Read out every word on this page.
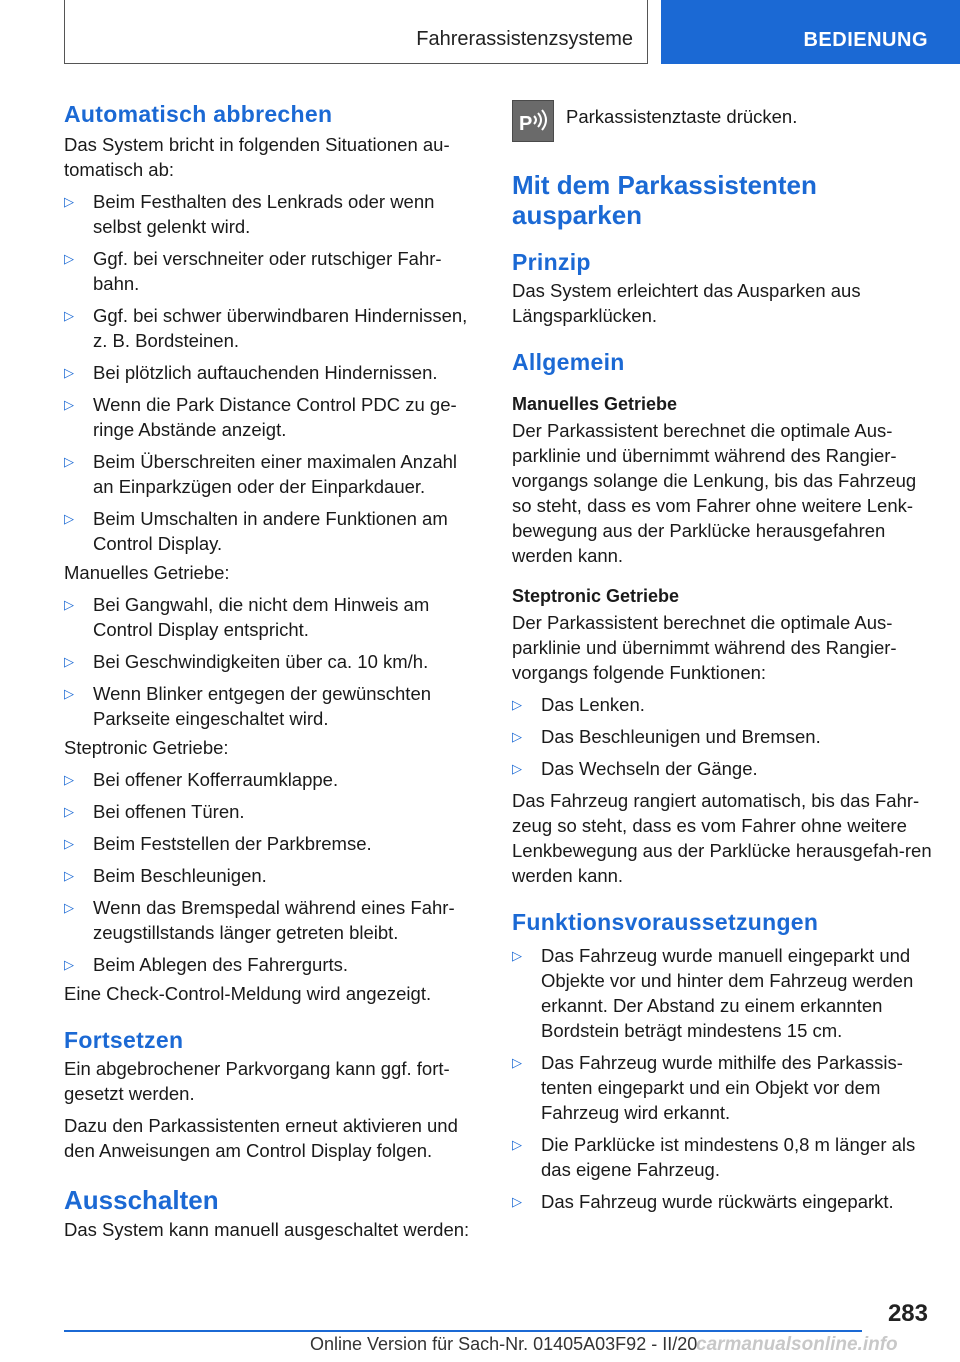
Fahrerassistenzsysteme	BEDIENUNG
Automatisch abbrechen

Das System bricht in folgenden Situationen au-tomatisch ab:

▷ Beim Festhalten des Lenkrads oder wenn selbst gelenkt wird.
▷ Ggf. bei verschneiter oder rutschiger Fahr-bahn.
▷ Ggf. bei schwer überwindbaren Hindernissen, z. B. Bordsteinen.
▷ Bei plötzlich auftauchenden Hindernissen.
▷ Wenn die Park Distance Control PDC zu ge-ringe Abstände anzeigt.
▷ Beim Überschreiten einer maximalen Anzahl an Einparkzügen oder der Einparkdauer.
▷ Beim Umschalten in andere Funktionen am Control Display.

Manuelles Getriebe:

▷ Bei Gangwahl, die nicht dem Hinweis am Control Display entspricht.
▷ Bei Geschwindigkeiten über ca. 10 km/h.
▷ Wenn Blinker entgegen der gewünschten Parkseite eingeschaltet wird.

Steptronic Getriebe:

▷ Bei offener Kofferraumklappe.
▷ Bei offenen Türen.
▷ Beim Feststellen der Parkbremse.
▷ Beim Beschleunigen.
▷ Wenn das Bremspedal während eines Fahr-zeugstillstands länger getreten bleibt.
▷ Beim Ablegen des Fahrergurts.

Eine Check-Control-Meldung wird angezeigt.

Fortsetzen

Ein abgebrochener Parkvorgang kann ggf. fort-gesetzt werden.

Dazu den Parkassistenten erneut aktivieren und den Anweisungen am Control Display folgen.

Ausschalten

Das System kann manuell ausgeschaltet werden:

P Parkassistenztaste drücken.

Mit dem Parkassistenten ausparken
Prinzip

Das System erleichtert das Ausparken aus Längsparklücken.

Allgemein

Manuelles Getriebe

Der Parkassistent berechnet die optimale Aus-parklinie und übernimmt während des Rangier-vorgangs solange die Lenkung, bis das Fahrzeug so steht, dass es vom Fahrer ohne weitere Lenk-bewegung aus der Parklücke herausgefahren werden kann.

Steptronic Getriebe

Der Parkassistent berechnet die optimale Aus-parklinie und übernimmt während des Rangier-vorgangs folgende Funktionen:

▷ Das Lenken.
▷ Das Beschleunigen und Bremsen.
▷ Das Wechseln der Gänge.

Das Fahrzeug rangiert automatisch, bis das Fahr-zeug so steht, dass es vom Fahrer ohne weitere Lenkbewegung aus der Parklücke herausgefah-ren werden kann.

Funktionsvoraussetzungen
▷ Das Fahrzeug wurde manuell eingeparkt und Objekte vor und hinter dem Fahrzeug werden erkannt. Der Abstand zu einem erkannten Bordstein beträgt mindestens 15 cm.
▷ Das Fahrzeug wurde mithilfe des Parkassis-tenten eingeparkt und ein Objekt vor dem Fahrzeug wird erkannt.
▷ Die Parklücke ist mindestens 0,8 m länger als das eigene Fahrzeug.
▷ Das Fahrzeug wurde rückwärts eingeparkt.
283
Online Version für Sach-Nr. 01405A03F92 - II/20
carmanualsonline.info
